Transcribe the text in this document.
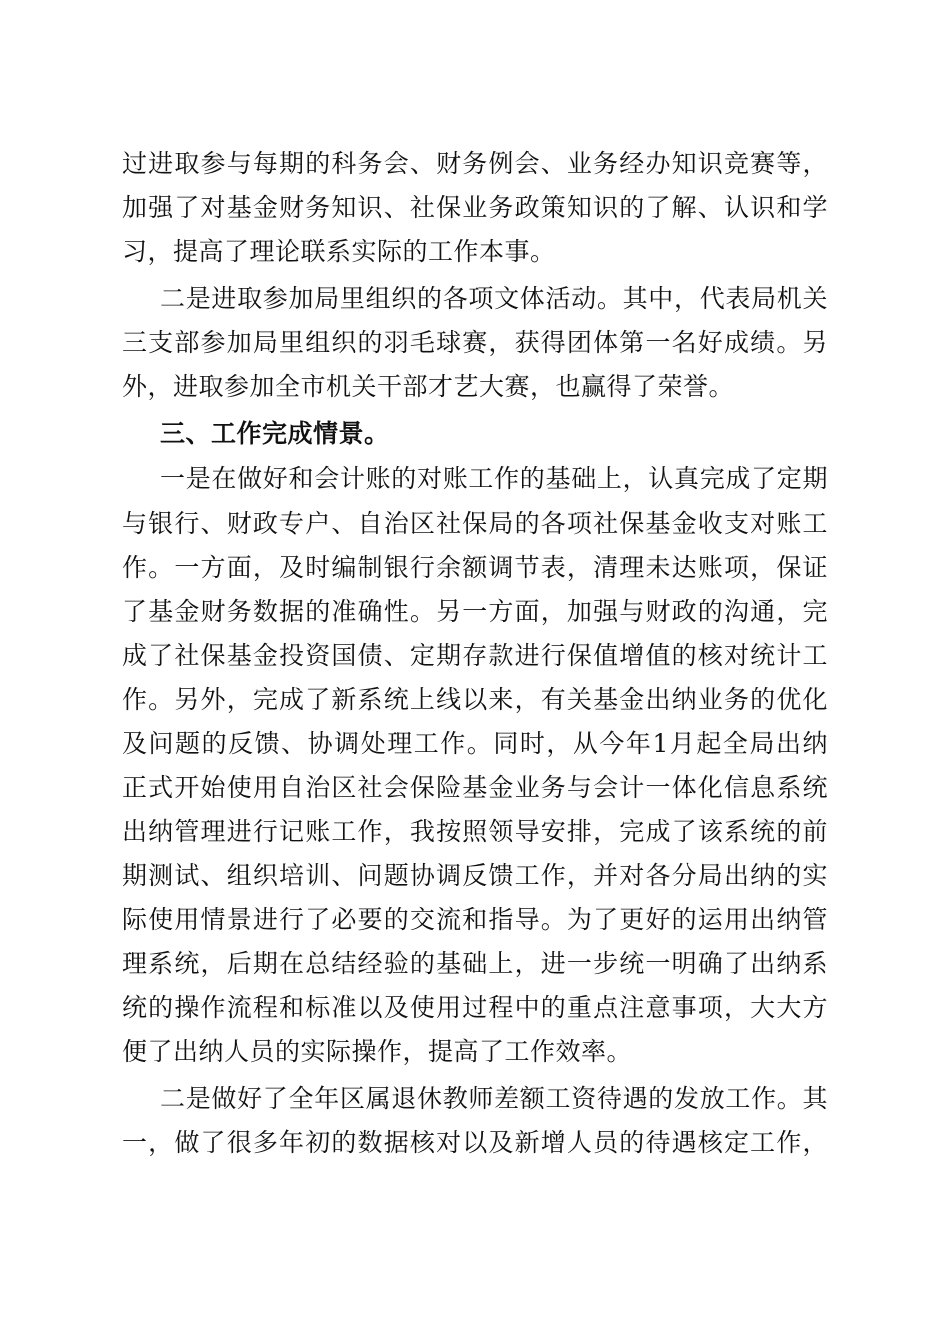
过进取参与每期的科务会、财务例会、业务经办知识竞赛等，
加强了对基金财务知识、社保业务政策知识的了解、认识和学
习，提高了理论联系实际的工作本事。
二是进取参加局里组织的各项文体活动。其中，代表局机关
三支部参加局里组织的羽毛球赛，获得团体第一名好成绩。另
外，进取参加全市机关干部才艺大赛，也赢得了荣誉。
三、工作完成情景。
一是在做好和会计账的对账工作的基础上，认真完成了定期
与银行、财政专户、自治区社保局的各项社保基金收支对账工
作。一方面，及时编制银行余额调节表，清理未达账项，保证
了基金财务数据的准确性。另一方面，加强与财政的沟通，完
成了社保基金投资国债、定期存款进行保值增值的核对统计工
作。另外，完成了新系统上线以来，有关基金出纳业务的优化
及问题的反馈、协调处理工作。同时，从今年1月起全局出纳
正式开始使用自治区社会保险基金业务与会计一体化信息系统
出纳管理进行记账工作，我按照领导安排，完成了该系统的前
期测试、组织培训、问题协调反馈工作，并对各分局出纳的实
际使用情景进行了必要的交流和指导。为了更好的运用出纳管
理系统，后期在总结经验的基础上，进一步统一明确了出纳系
统的操作流程和标准以及使用过程中的重点注意事项，大大方
便了出纳人员的实际操作，提高了工作效率。
二是做好了全年区属退休教师差额工资待遇的发放工作。其
一，做了很多年初的数据核对以及新增人员的待遇核定工作，
